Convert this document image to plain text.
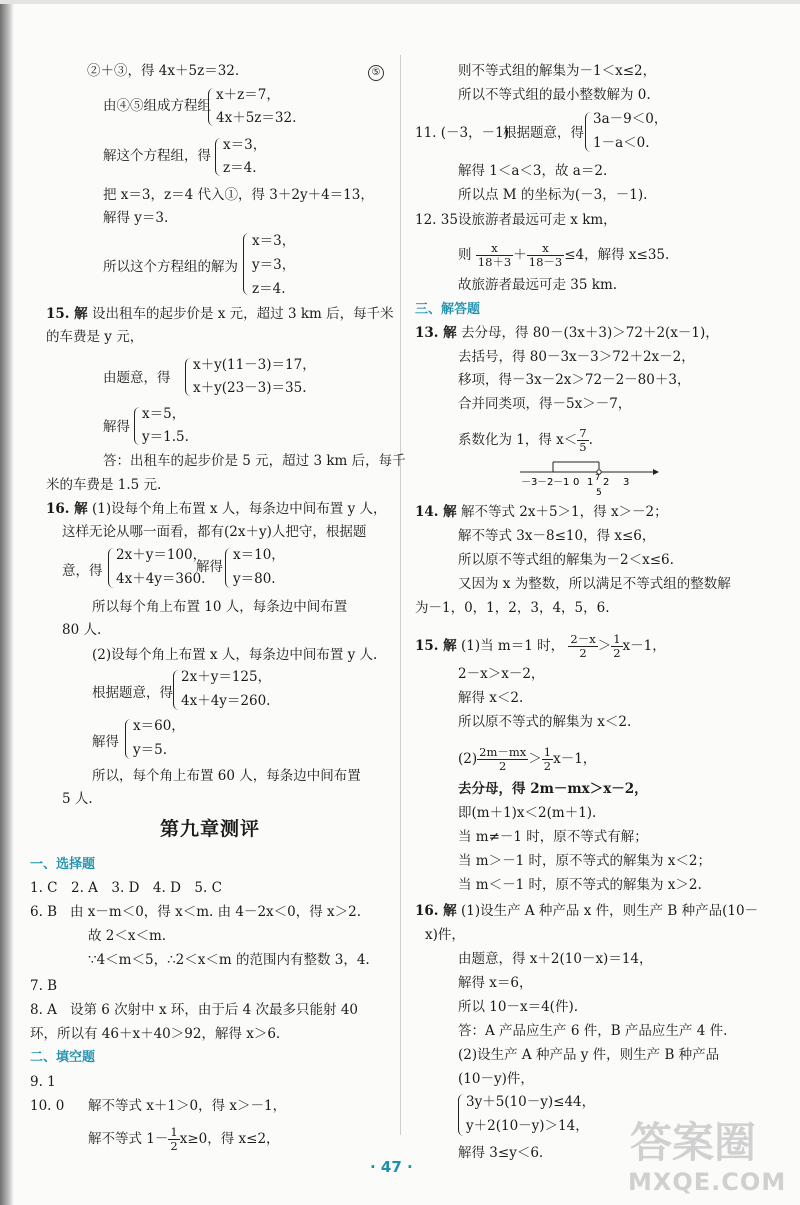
②＋③，得 4x＋5z＝32.	⑤
由④⑤组成方程组
x＋z＝7，
4x＋5z＝32.
解这个方程组，得
x＝3，
z＝4.
把 x＝3，z＝4 代入①，得 3＋2y＋4＝13，
解得 y＝3.
所以这个方程组的解为
x＝3，
y＝3，
z＝4.
15. 解 设出租车的起步价是 x 元，超过 3 km 后，每千米
的车费是 y 元，
由题意，得
x＋y(11－3)＝17，
x＋y(23－3)＝35.
解得
x＝5，
y＝1.5.
答：出租车的起步价是 5 元，超过 3 km 后，每千
米的车费是 1.5 元.
16. 解 (1)设每个角上布置 x 人，每条边中间布置 y 人，
这样无论从哪一面看，都有(2x＋y)人把守，根据题
意，得
2x＋y＝100，
4x＋4y＝360.
解得
x＝10，
y＝80.
所以每个角上布置 10 人，每条边中间布置
80 人.
(2)设每个角上布置 x 人，每条边中间布置 y 人.
根据题意，得
2x＋y＝125，
4x＋4y＝260.
解得
x＝60，
y＝5.
所以，每个角上布置 60 人，每条边中间布置
5 人.
第九章测评
一、选择题
1. C　2. A　3. D　4. D　5. C
6. B 由 x－m＜0，得 x＜m. 由 4－2x＜0，得 x＞2.
故 2＜x＜m.
∵4＜m＜5，∴2＜x＜m 的范围内有整数 3，4.
7. B
8. A 设第 6 次射中 x 环，由于后 4 次最多只能射 40
环，所以有 46＋x＋40＞92，解得 x＞6.
二、填空题
9. 1
10. 0 解不等式 x＋1＞0，得 x＞－1，
解不等式 $1- \frac{1}{2} x\ge 0$，得 x≤2，
则不等式组的解集为－1＜x≤2，
所以不等式组的最小整数解为 0.
11. (－3，－1)
根据题意，得
3a－9＜0，
1－a＜0.
解得 1＜a＜3，故 a＝2.
所以点 M 的坐标为(－3，－1).
12. 35 设旅游者最远可走 x km，
则 $\frac{x}{18+3} + \frac{x}{18-3} \le 4$，解得 x≤35.
故旅游者最远可走 35 km.
三、解答题
13. 解 去分母，得 80－(3x＋3)＞72＋2(x－1)，
去括号，得 80－3x－3＞72＋2x－2，
移项，得－3x－2x＞72－2－80＋3，
合并同类项，得－5x＞－7，
系数化为 1，得 $x< \frac{7}{5}$ .
－3 －2 －1 0 1 7 2 3
5
14. 解 解不等式 2x＋5＞1，得 x＞－2；
解不等式 3x－8≤10，得 x≤6，
所以原不等式组的解集为－2＜x≤6.
又因为 x 为整数，所以满足不等式组的整数解
为－1，0，1，2，3，4，5，6.
15. 解 (1)当 m＝1 时， $\frac{2-x}{2} > \frac{1}{2} x-1$，
2－x＞x－2，
解得 x＜2.
所以原不等式的解集为 x＜2.
$(2) \frac{2m-mx}{2} > \frac{1}{2} x-1$，
去分母，得 2m－mx＞x－2，
即(m＋1)x＜2(m＋1).
当 m≠－1 时，原不等式有解；
当 m＞－1 时，原不等式的解集为 x＜2；
当 m＜－1 时，原不等式的解集为 x＞2.
16. 解 (1)设生产 A 种产品 x 件，则生产 B 种产品(10－
x)件，
由题意，得 x＋2(10－x)＝14，
解得 x＝6，
所以 10－x＝4(件).
答：A 产品应生产 6 件，B 产品应生产 4 件.
(2)设生产 A 种产品 y 件，则生产 B 种产品
(10－y)件，
3y＋5(10－y)≤44，
y＋2(10－y)＞14，
解得 3≤y＜6.
· 47 ·	答案圈
MXQE.COM
